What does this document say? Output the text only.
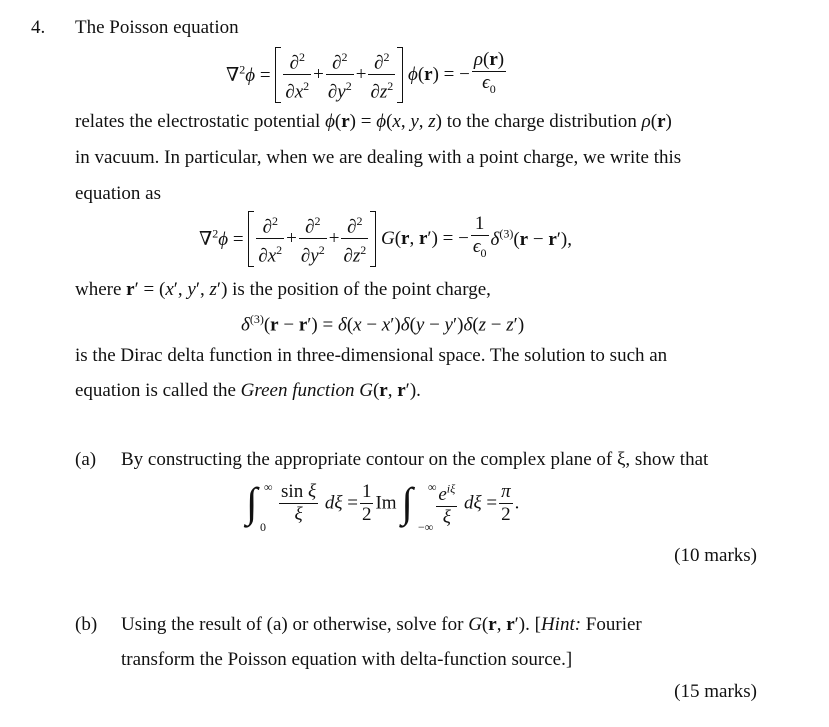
4. The Poisson equation
$\nabla^2\phi = \frac{\partial^2}{\partial x^2} + \frac{\partial^2}{\partial y^2} + \frac{\partial^2}{\partial z^2} \phi(r)$ = − $\frac{\rho(r)}{\epsilon_0}$
relates the electrostatic potential ϕ(r) = ϕ(x, y, z) to the charge distribution ρ(r)
in vacuum. In particular, when we are dealing with a point charge, we write this
equation as
$\nabla^2\phi = \frac{\partial^2}{\partial x^2} + \frac{\partial^2}{\partial y^2} + \frac{\partial^2}{\partial z^2} G(r$, r′) = − $\frac{1}{\epsilon_0} \delta^{(3)}(r - r')$,
where r′ = (x′, y′, z′) is the position of the point charge,
$\delta^{(3)}(r - r') = \delta(x - x')\delta(y - y')\delta(z - z')$
is the Dirac delta function in three-dimensional space. The solution to such an
equation is called the Green function G(r, r′).
(a) By constructing the appropriate contour on the complex plane of ξ, show that
∫ ∞
0

$\frac{\text{sin ξ}}{\xi}$ $d\xi = \frac{1}{2}$ Im ∫ ∞
−∞
$\frac{e^{i\xi}}{\xi}$ $d\xi = \frac{\pi}{2}$ .
(10 marks)
(b) Using the result of (a) or otherwise, solve for G(r, r′). [Hint: Fourier
transform the Poisson equation with delta-function source.]
(15 marks)
